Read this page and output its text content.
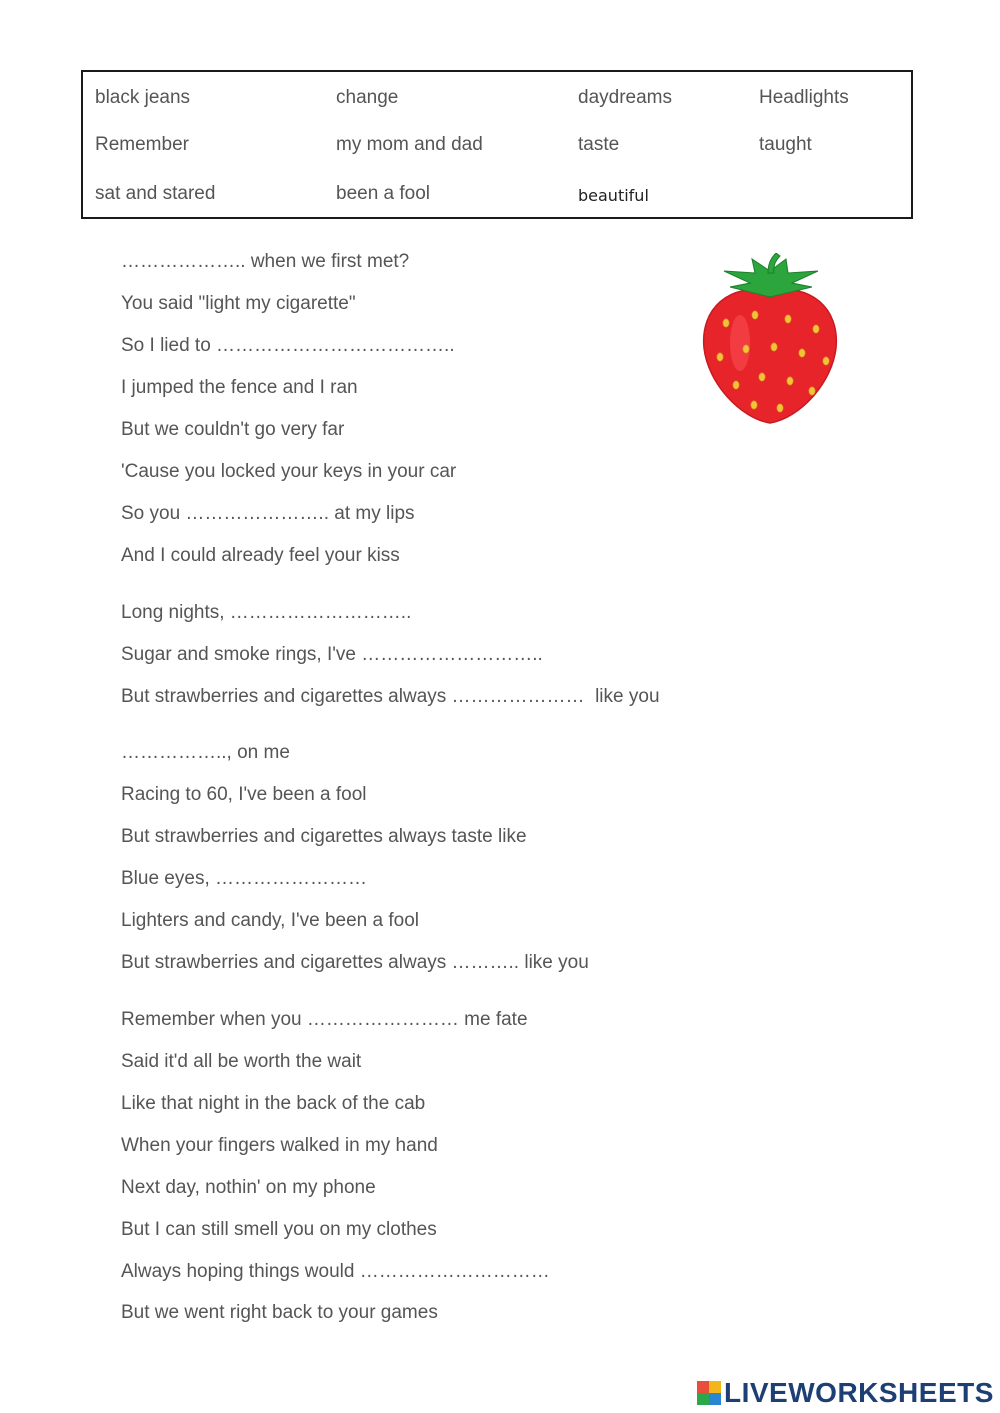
black jeans	change	daydreams	Headlights
Remember	my mom and dad	taste	taught
sat and stared	been a fool	beautiful
……………….. when we first met?
You said "light my cigarette"
So I lied to ………………………………..
I jumped the fence and I ran
But we couldn't go very far
'Cause you locked your keys in your car
So you ………………….. at my lips
And I could already feel your kiss
Long nights, ………………………..
Sugar and smoke rings, I've ………………………..
But strawberries and cigarettes always …………………  like you
…………….., on me
Racing to 60, I've been a fool
But strawberries and cigarettes always taste like
Blue eyes, ……………………
Lighters and candy, I've been a fool
But strawberries and cigarettes always ……….. like you
Remember when you …………………… me fate
Said it'd all be worth the wait
Like that night in the back of the cab
When your fingers walked in my hand
Next day, nothin' on my phone
But I can still smell you on my clothes
Always hoping things would …………………………
But we went right back to your games
LIVEWORKSHEETS
